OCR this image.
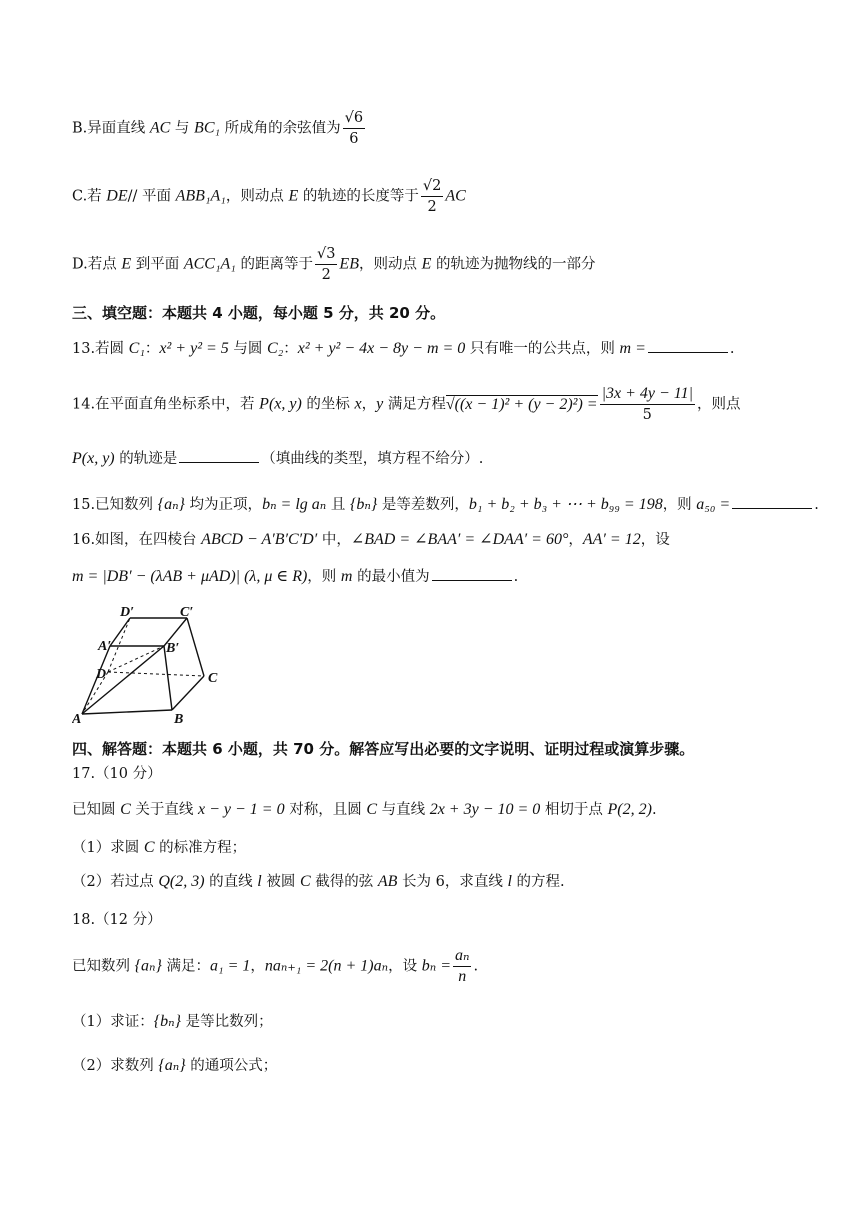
B.异面直线 AC 与 BC₁ 所成角的余弦值为 $\frac{√6}{6}$
C.若 DE// 平面 ABB₁A₁，则动点 E 的轨迹的长度等于 $\frac{√2}{2}$ AC
D.若点 E 到平面 ACC₁A₁ 的距离等于 $\frac{√3}{2}$ EB，则动点 E 的轨迹为抛物线的一部分
三、填空题：本题共 4 小题，每小题 5 分，共 20 分。
13.若圆 C₁：x² + y² = 5 与圆 C₂：x² + y² − 4x − 8y − m = 0 只有唯一的公共点，则 m =	.
14.在平面直角坐标系中，若 P(x, y) 的坐标 x，y 满足方程$√((x - 1)^2 + (y - 2)^2) = \frac{|3x + 4y - 11|}{5}$ ，则点
P(x, y) 的轨迹是	（填曲线的类型，填方程不给分）.
15.已知数列 {aₙ} 均为正项，bₙ = lg aₙ 且 {bₙ} 是等差数列，b₁ + b₂ + b₃ + ⋯ + b₉₉ = 198，则 a₅₀ =	.
16.如图，在四棱台 ABCD − A′B′C′D′ 中，∠BAD = ∠BAA′ = ∠DAA′ = 60°，AA′ = 12，设
m = |DB′ − (λAB + μAD)| (λ, μ ∈ R)，则 m 的最小值为	.
D′	C′
A′	B′
D	C
A	B
四、解答题：本题共 6 小题，共 70 分。解答应写出必要的文字说明、证明过程或演算步骤。
17.（10 分）
已知圆 C 关于直线 x − y − 1 = 0 对称，且圆 C 与直线 2x + 3y − 10 = 0 相切于点 P(2, 2).
（1）求圆 C 的标准方程；
（2）若过点 Q(2, 3) 的直线 l 被圆 C 截得的弦 AB 长为 6，求直线 l 的方程.
18.（12 分）
已知数列 {aₙ} 满足：a₁ = 1，naₙ₊₁ = 2(n + 1)aₙ，设 $b_n = \frac{\text{aₙ}}{n}$ .
（1）求证：{bₙ} 是等比数列；
（2）求数列 {aₙ} 的通项公式；
